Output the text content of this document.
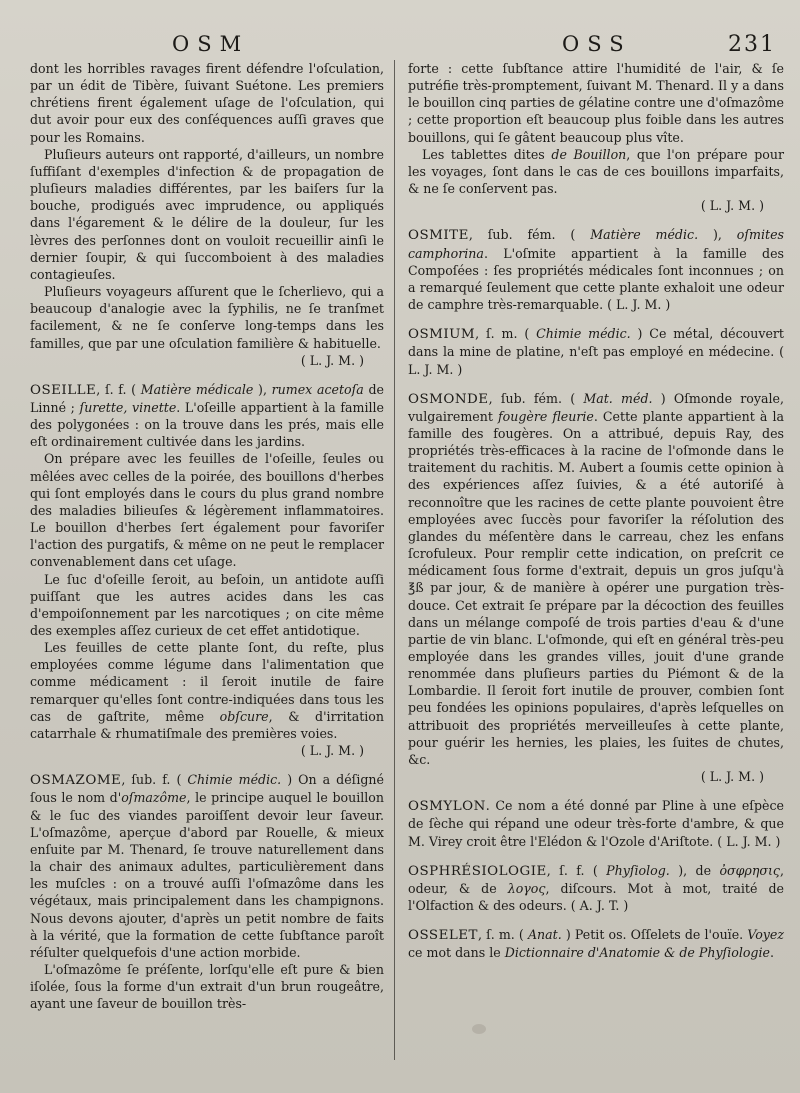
OSM	OSS	231

dont les horribles ravages firent défendre l'oſculation, par un édit de Tibère, ſuivant Suétone. Les premiers chrétiens firent également uſage de l'oſculation, qui dut avoir pour eux des conſéquences auſſi graves que pour les Romains.

Pluſieurs auteurs ont rapporté, d'ailleurs, un nombre ſuffiſant d'exemples d'infection & de propagation de pluſieurs maladies différentes, par les baiſers ſur la bouche, prodigués avec imprudence, ou appliqués dans l'égarement & le délire de la douleur, ſur les lèvres des perſonnes dont on vouloit recueillir ainſi le dernier ſoupir, & qui ſuccomboient à des maladies contagieuſes.

Pluſieurs voyageurs aſſurent que le ſcherlievo, qui a beaucoup d'analogie avec la ſyphilis, ne ſe tranſmet facilement, & ne ſe conſerve long-temps dans les familles, que par une oſculation familière & habituelle.

( L. J. M. )

OSEILLE, ſ. f. ( Matière médicale ), rumex acetoſa de Linné ; ſurette, vinette. L'oſeille appartient à la famille des polygonées : on la trouve dans les prés, mais elle eſt ordinairement cultivée dans les jardins.

On prépare avec les feuilles de l'oſeille, ſeules ou mêlées avec celles de la poirée, des bouillons d'herbes qui ſont employés dans le cours du plus grand nombre des maladies bilieuſes & légèrement inflammatoires. Le bouillon d'herbes ſert également pour favoriſer l'action des purgatifs, & même on ne peut le remplacer convenablement dans cet uſage.

Le ſuc d'oſeille ſeroit, au beſoin, un antidote auſſi puiſſant que les autres acides dans les cas d'empoiſonnement par les narcotiques ; on cite même des exemples aſſez curieux de cet effet antidotique.

Les feuilles de cette plante ſont, du reſte, plus employées comme légume dans l'alimentation que comme médicament : il ſeroit inutile de faire remarquer qu'elles ſont contre-indiquées dans tous les cas de gaſtrite, même obſcure, & d'irritation catarrhale & rhumatiſmale des premières voies.

( L. J. M. )

OSMAZOME, ſub. f. ( Chimie médic. ) On a déſigné ſous le nom d'oſmazôme, le principe auquel le bouillon & le ſuc des viandes paroiſſent devoir leur ſaveur. L'oſmazôme, aperçue d'abord par Rouelle, & mieux enſuite par M. Thenard, ſe trouve naturellement dans la chair des animaux adultes, particulièrement dans les muſcles : on a trouvé auſſi l'oſmazôme dans les végétaux, mais principalement dans les champignons. Nous devons ajouter, d'après un petit nombre de faits à la vérité, que la formation de cette ſubſtance paroît réſulter quelquefois d'une action morbide.

L'oſmazôme ſe préſente, lorſqu'elle eſt pure & bien iſolée, ſous la forme d'un extrait d'un brun rougeâtre, ayant une ſaveur de bouillon très-

forte : cette ſubſtance attire l'humidité de l'air, & ſe putréfie très-promptement, ſuivant M. Thenard. Il y a dans le bouillon cinq parties de gélatine contre une d'oſmazôme ; cette proportion eſt beaucoup plus foible dans les autres bouillons, qui ſe gâtent beaucoup plus vîte.

Les tablettes dites de Bouillon, que l'on prépare pour les voyages, ſont dans le cas de ces bouillons imparfaits, & ne ſe conſervent pas.

( L. J. M. )

OSMITE, ſub. fém. ( Matière médic. ), oſmites camphorina. L'oſmite appartient à la famille des Compoſées : ſes propriétés médicales ſont inconnues ; on a remarqué ſeulement que cette plante exhaloit une odeur de camphre très-remarquable. ( L. J. M. )

OSMIUM, ſ. m. ( Chimie médic. ) Ce métal, découvert dans la mine de platine, n'eſt pas employé en médecine. ( L. J. M. )

OSMONDE, ſub. fém. ( Mat. méd. ) Oſmonde royale, vulgairement fougère fleurie. Cette plante appartient à la famille des fougères. On a attribué, depuis Ray, des propriétés très-efficaces à la racine de l'oſmonde dans le traitement du rachitis. M. Aubert a ſoumis cette opinion à des expériences aſſez ſuivies, & a été autoriſé à reconnoître que les racines de cette plante pouvoient être employées avec ſuccès pour favoriſer la réſolution des glandes du méſentère dans le carreau, chez les enfans ſcrofuleux. Pour remplir cette indication, on preſcrit ce médicament ſous forme d'extrait, depuis un gros juſqu'à ℥ß par jour, & de manière à opérer une purgation très-douce. Cet extrait ſe prépare par la décoction des feuilles dans un mélange compoſé de trois parties d'eau & d'une partie de vin blanc. L'oſmonde, qui eſt en général très-peu employée dans les grandes villes, jouit d'une grande renommée dans pluſieurs parties du Piémont & de la Lombardie. Il ſeroit fort inutile de prouver, combien ſont peu fondées les opinions populaires, d'après leſquelles on attribuoit des propriétés merveilleuſes à cette plante, pour guérir les hernies, les plaies, les ſuites de chutes, &c.

( L. J. M. )

OSMYLON. Ce nom a été donné par Pline à une eſpèce de ſèche qui répand une odeur très-forte d'ambre, & que M. Virey croit être l'Elédon & l'Ozole d'Ariſtote. ( L. J. M. )

OSPHRÉSIOLOGIE, ſ. f. ( Phyſiolog. ), de ὀσφρησις, odeur, & de λογος, diſcours. Mot à mot, traité de l'Olfaction & des odeurs. ( A. J. T. )

OSSELET, ſ. m. ( Anat. ) Petit os. Oſſelets de l'ouïe. Voyez ce mot dans le Dictionnaire d'Anatomie & de Phyſiologie.
